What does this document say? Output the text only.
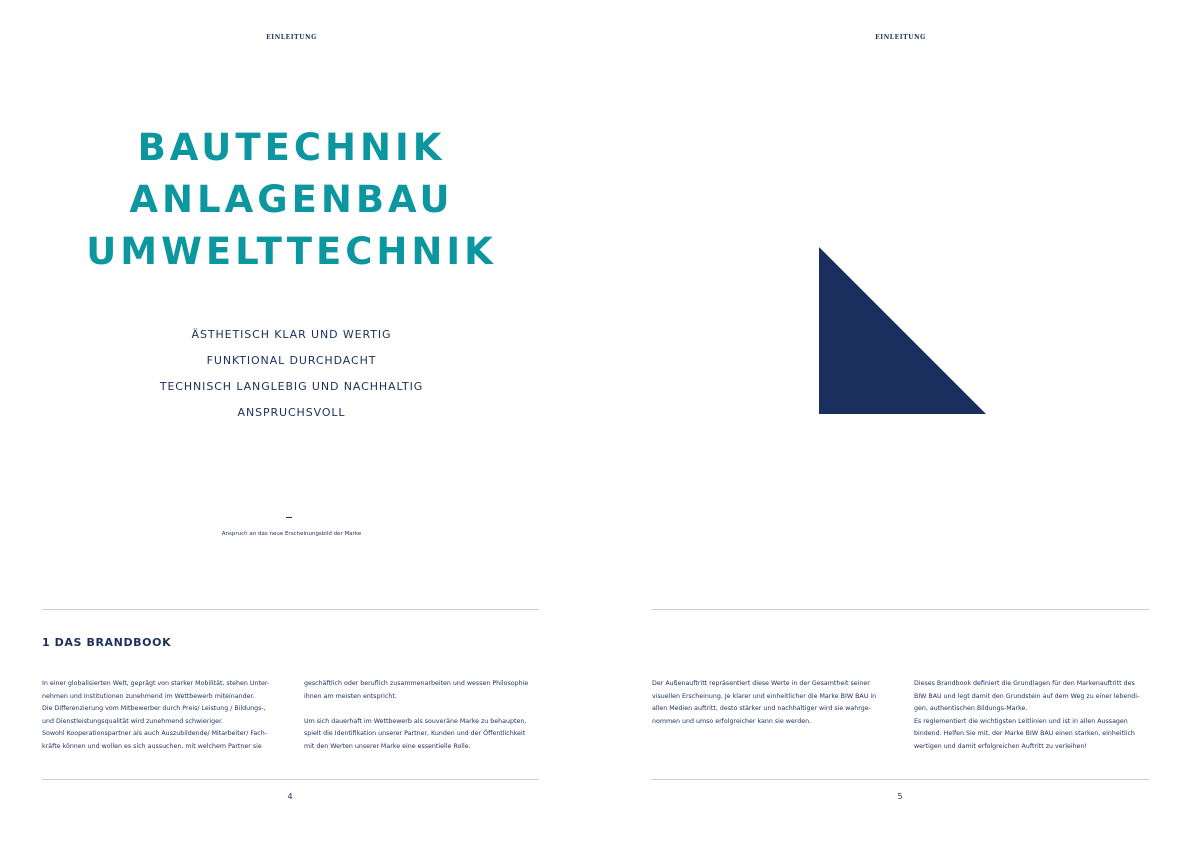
EINLEITUNG
BAUTECHNIK
ANLAGENBAU
UMWELTTECHNIK
ÄSTHETISCH KLAR UND WERTIG
FUNKTIONAL DURCHDACHT
TECHNISCH LANGLEBIG UND NACHHALTIG
ANSPRUCHSVOLL
Anspruch an das neue Erscheinungsbild der Marke
1 DAS BRANDBOOK

In einer globalisierten Welt, geprägt von starker Mobilität, stehen Unter-

nehmen und Institutionen zunehmend im Wettbewerb miteinander.

Die Differenzierung vom Mitbewerber durch Preis/ Leistung / Bildungs-,

und Dienstleistungsqualität wird zunehmend schwieriger.

Sowohl Kooperationspartner als auch Auszubildende/ Mitarbeiter/ Fach-

kräfte können und wollen es sich aussuchen, mit welchem Partner sie

geschäftlich oder beruflich zusammenarbeiten und wessen Philosophie

ihnen am meisten entspricht.

Um sich dauerhaft im Wettbewerb als souveräne Marke zu behaupten,

spielt die Identifikation unserer Partner, Kunden und der Öffentlichkeit

mit den Werten unserer Marke eine essentielle Rolle.

4
EINLEITUNG

Der Außenauftritt repräsentiert diese Werte in der Gesamtheit seiner

visuellen Erscheinung. Je klarer und einheitlicher die Marke BIW BAU in

allen Medien auftritt, desto stärker und nachhaltiger wird sie wahrge-

nommen und umso erfolgreicher kann sie werden.

Dieses Brandbook definiert die Grundlagen für den Markenauftritt des

BIW BAU und legt damit den Grundstein auf dem Weg zu einer lebendi-

gen, authentischen Bildungs-Marke.

Es reglementiert die wichtigsten Leitlinien und ist in allen Aussagen

bindend. Helfen Sie mit, der Marke BIW BAU einen starken, einheitlich

wertigen und damit erfolgreichen Auftritt zu verleihen!

5
